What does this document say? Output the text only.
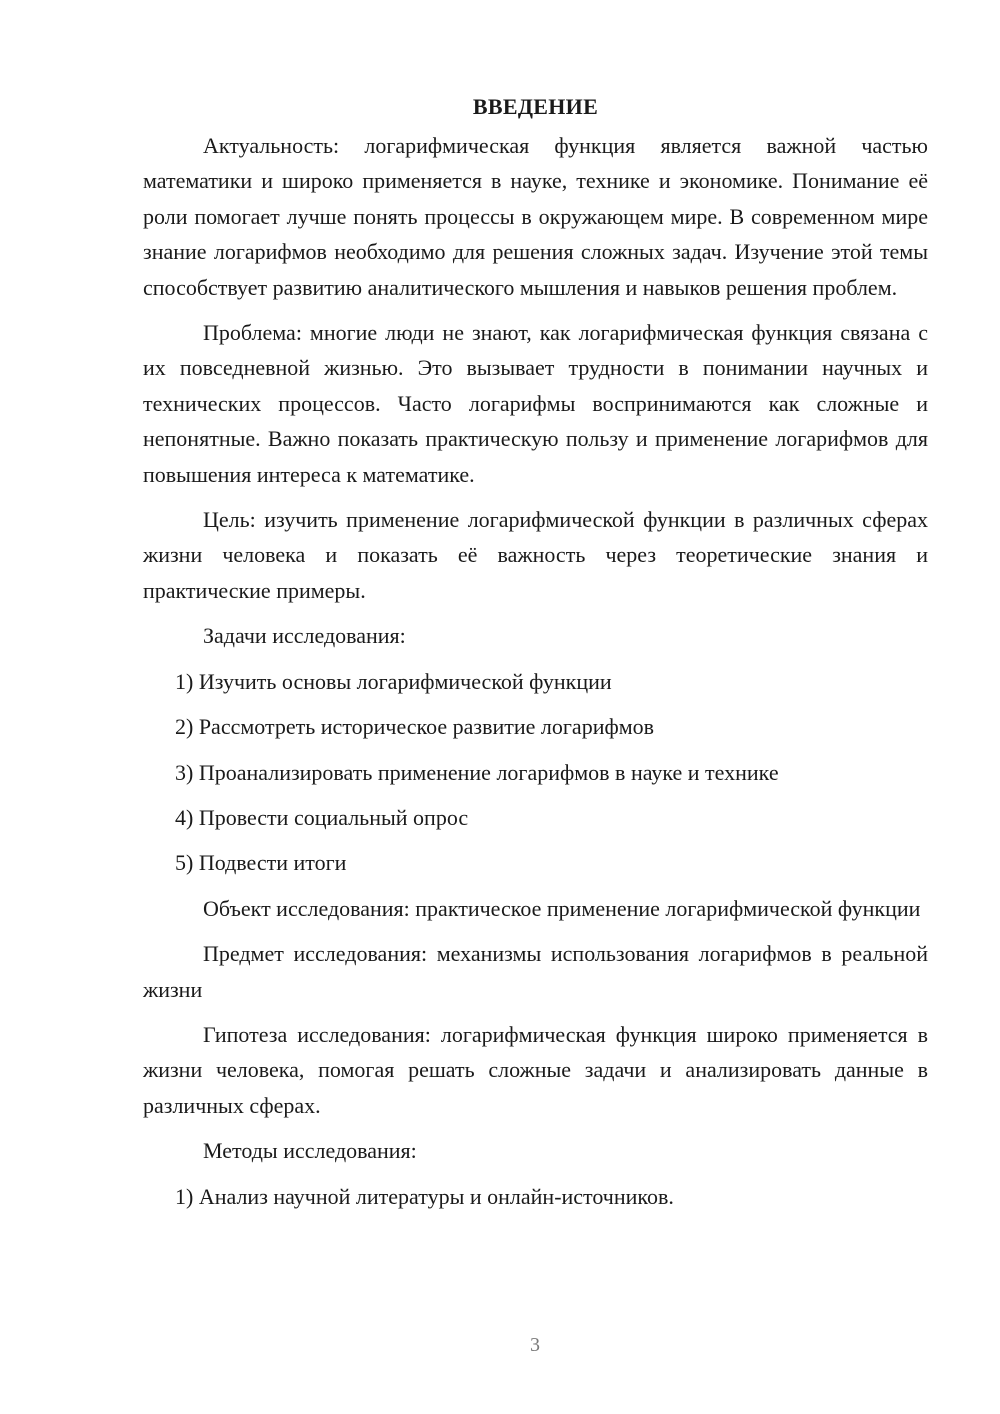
ВВЕДЕНИЕ

Актуальность: логарифмическая функция является важной частью математики и широко применяется в науке, технике и экономике. Понимание её роли помогает лучше понять процессы в окружающем мире. В современном мире знание логарифмов необходимо для решения сложных задач. Изучение этой темы способствует развитию аналитического мышления и навыков решения проблем.

Проблема: многие люди не знают, как логарифмическая функция связана с их повседневной жизнью. Это вызывает трудности в понимании научных и технических процессов. Часто логарифмы воспринимаются как сложные и непонятные. Важно показать практическую пользу и применение логарифмов для повышения интереса к математике.

Цель: изучить применение логарифмической функции в различных сферах жизни человека и показать её важность через теоретические знания и практические примеры.

Задачи исследования:

1) Изучить основы логарифмической функции
2) Рассмотреть историческое развитие логарифмов
3) Проанализировать применение логарифмов в науке и технике
4) Провести социальный опрос
5) Подвести итоги

Объект исследования: практическое применение логарифмической функции

Предмет исследования: механизмы использования логарифмов в реальной жизни

Гипотеза исследования: логарифмическая функция широко применяется в жизни человека, помогая решать сложные задачи и анализировать данные в различных сферах.

Методы исследования:

1) Анализ научной литературы и онлайн-источников.
3
